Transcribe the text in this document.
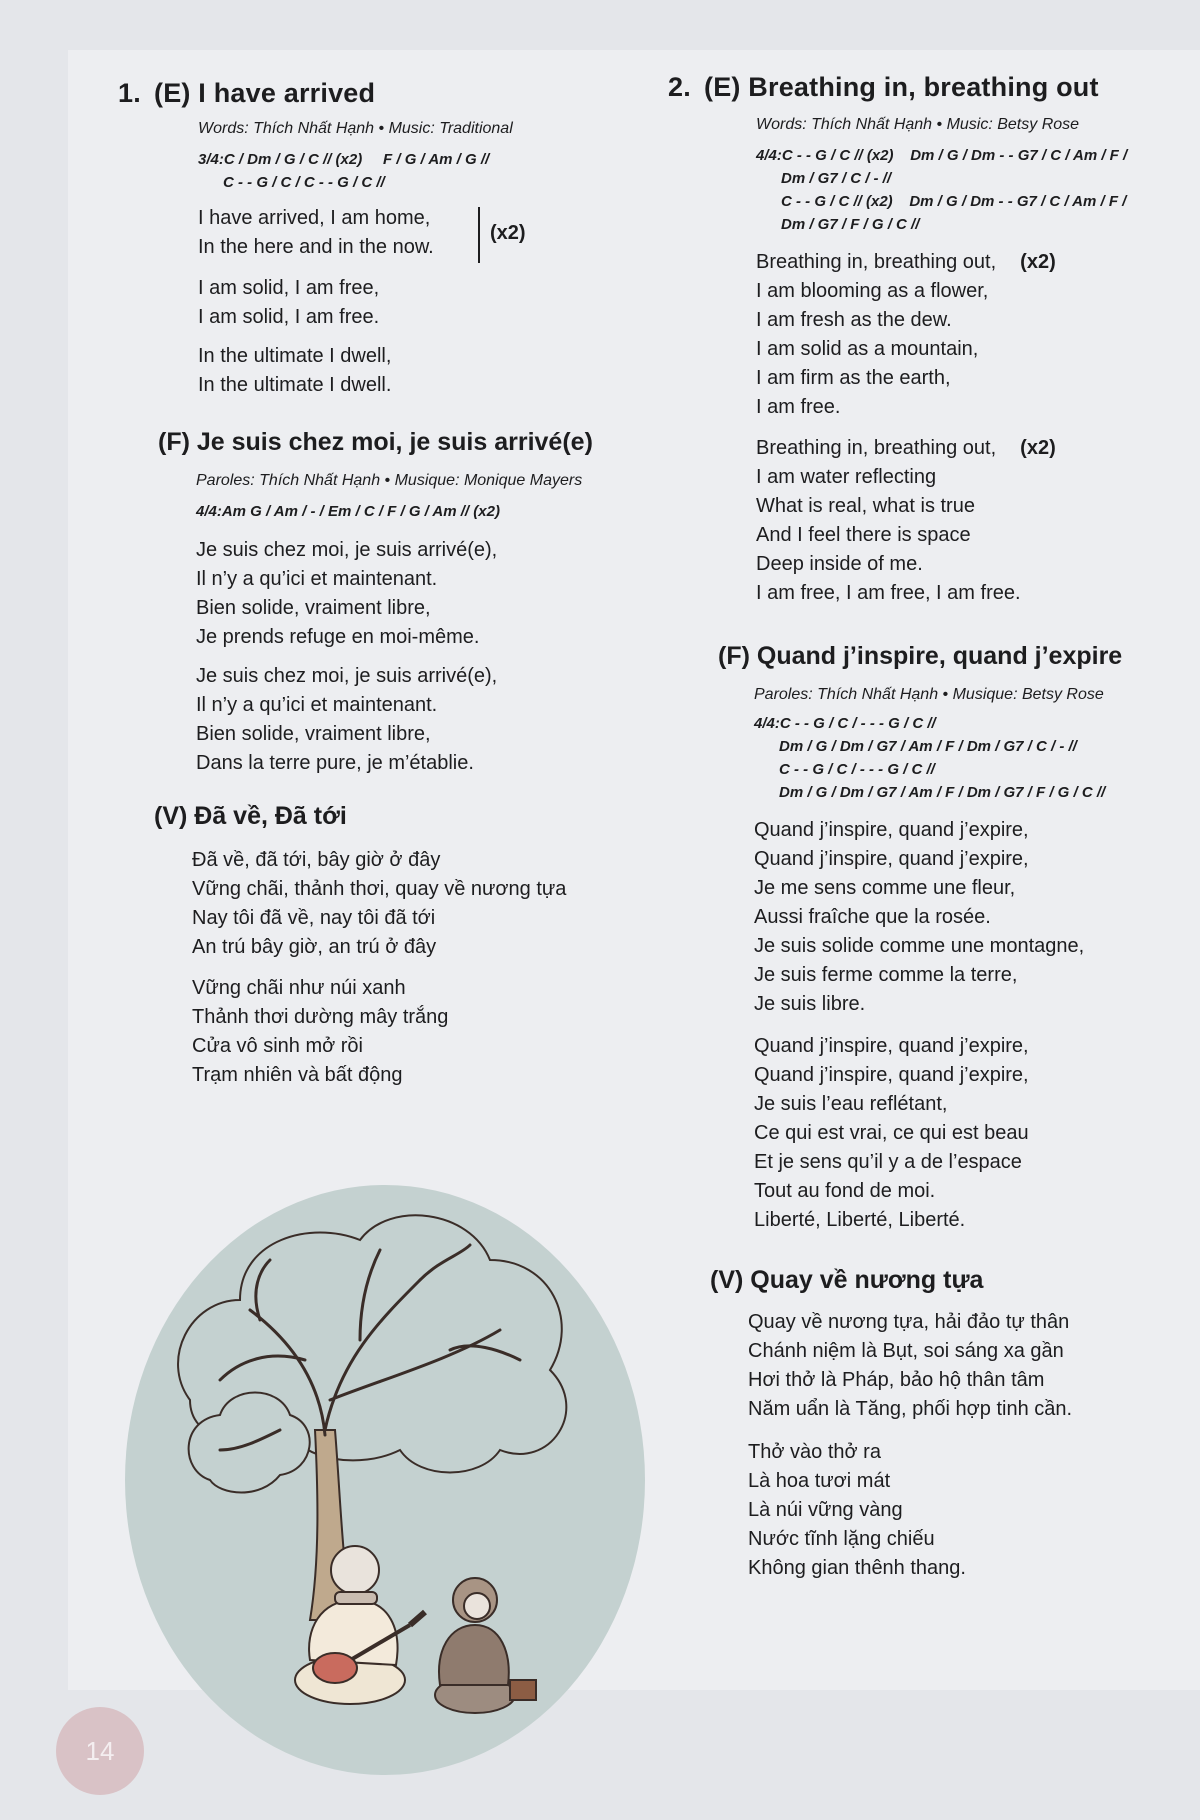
1. (E) I have arrived

Words: Thích Nhất Hạnh • Music: Traditional

3/4:C / Dm / G / C // (x2)     F / G / Am / G //
C - - G / C / C - - G / C //
I have arrived, I am home,
In the here and in the now.
(x2)
I am solid, I am free,
I am solid, I am free.
In the ultimate I dwell,
In the ultimate I dwell.
(F) Je suis chez moi, je suis arrivé(e)

Paroles: Thích Nhất Hạnh • Musique: Monique Mayers

4/4:Am G / Am / - / Em / C / F / G / Am // (x2)
Je suis chez moi, je suis arrivé(e),
Il n’y a qu’ici et maintenant.
Bien solide, vraiment libre,
Je prends refuge en moi-même.
Je suis chez moi, je suis arrivé(e),
Il n’y a qu’ici et maintenant.
Bien solide, vraiment libre,
Dans la terre pure, je m’établie.
(V) Đã về, Đã tới
Đã về, đã tới, bây giờ ở đây
Vững chãi, thảnh thơi, quay về nương tựa
Nay tôi đã về, nay tôi đã tới
An trú bây giờ, an trú ở đây
Vững chãi như núi xanh
Thảnh thơi dường mây trắng
Cửa vô sinh mở rồi
Trạm nhiên và bất động
2. (E) Breathing in, breathing out

Words: Thích Nhất Hạnh • Music: Betsy Rose

4/4:C - - G / C // (x2)    Dm / G / Dm - - G7 / C / Am / F /
Dm / G7 / C / - //
C - - G / C // (x2)    Dm / G / Dm - - G7 / C / Am / F /
Dm / G7 / F / G / C //
Breathing in, breathing out, (x2)
I am blooming as a flower,
I am fresh as the dew.
I am solid as a mountain,
I am firm as the earth,
I am free.
Breathing in, breathing out, (x2)
I am water reflecting
What is real, what is true
And I feel there is space
Deep inside of me.
I am free, I am free, I am free.
(F) Quand j’inspire, quand j’expire

Paroles: Thích Nhất Hạnh • Musique: Betsy Rose

4/4:C - - G / C / - - - G / C //
Dm / G / Dm / G7 / Am / F / Dm / G7 / C / - //
C - - G / C / - - - G / C //
Dm / G / Dm / G7 / Am / F / Dm / G7 / F / G / C //
Quand j’inspire, quand j’expire,
Quand j’inspire, quand j’expire,
Je me sens comme une fleur,
Aussi fraîche que la rosée.
Je suis solide comme une montagne,
Je suis ferme comme la terre,
Je suis libre.
Quand j’inspire, quand j’expire,
Quand j’inspire, quand j’expire,
Je suis l’eau reflétant,
Ce qui est vrai, ce qui est beau
Et je sens qu’il y a de l’espace
Tout au fond de moi.
Liberté, Liberté, Liberté.
(V) Quay về nương tựa
Quay về nương tựa, hải đảo tự thân
Chánh niệm là Bụt, soi sáng xa gần
Hơi thở là Pháp, bảo hộ thân tâm
Năm uẩn là Tăng, phối hợp tinh cần.
Thở vào thở ra
Là hoa tươi mát
Là núi vững vàng
Nước tĩnh lặng chiếu
Không gian thênh thang.
14
